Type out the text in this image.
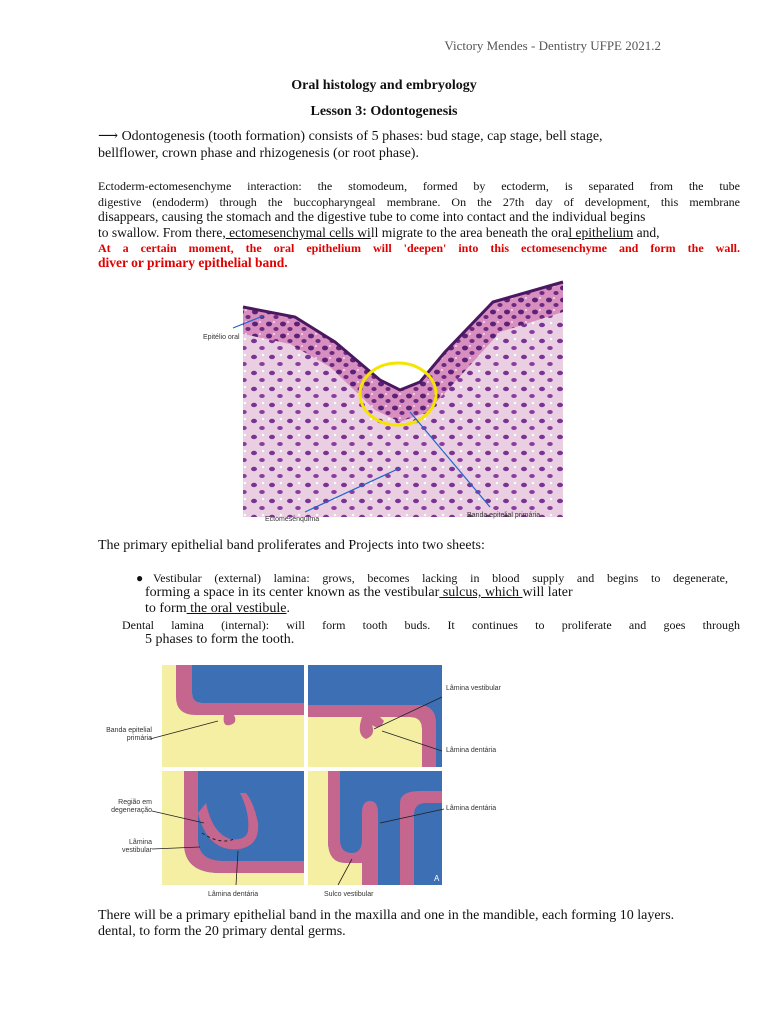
Victory Mendes - Dentistry UFPE 2021.2
Oral histology and embryology
Lesson 3: Odontogenesis
⟶ Odontogenesis (tooth formation) consists of 5 phases: bud stage, cap stage, bell stage,
bellflower, crown phase and rhizogenesis (or root phase).
Ectoderm-ectomesenchyme interaction: the stomodeum, formed by ectoderm, is separated from the tube
digestive (endoderm) through the buccopharyngeal membrane. On the 27th day of development, this membrane
disappears, causing the stomach and the digestive tube to come into contact and the individual begins
to swallow. From there, ectomesenchymal cells will migrate to the area beneath the oral epithelium and,
At a certain moment, the oral epithelium will 'deepen' into this ectomesenchyme and form the wall.
diver or primary epithelial band.
Epitélio oral
Ectomesênquima
Banda epitelial primária
The primary epithelial band proliferates and Projects into two sheets:
●Vestibular (external) lamina: grows, becomes lacking in blood supply and begins to degenerate,
forming a space in its center known as the vestibular sulcus, which will later
to form the oral vestibule.
Dental lamina (internal): will form tooth buds. It continues to proliferate and goes through
5 phases to form the tooth.
Banda epitelial primária
Lâmina vestibular
Lâmina dentária
Região em degeneração
Lâmina vestibular
Lâmina dentária
Lâmina dentária	Sulco vestibular
A
There will be a primary epithelial band in the maxilla and one in the mandible, each forming 10 layers.
dental, to form the 20 primary dental germs.
